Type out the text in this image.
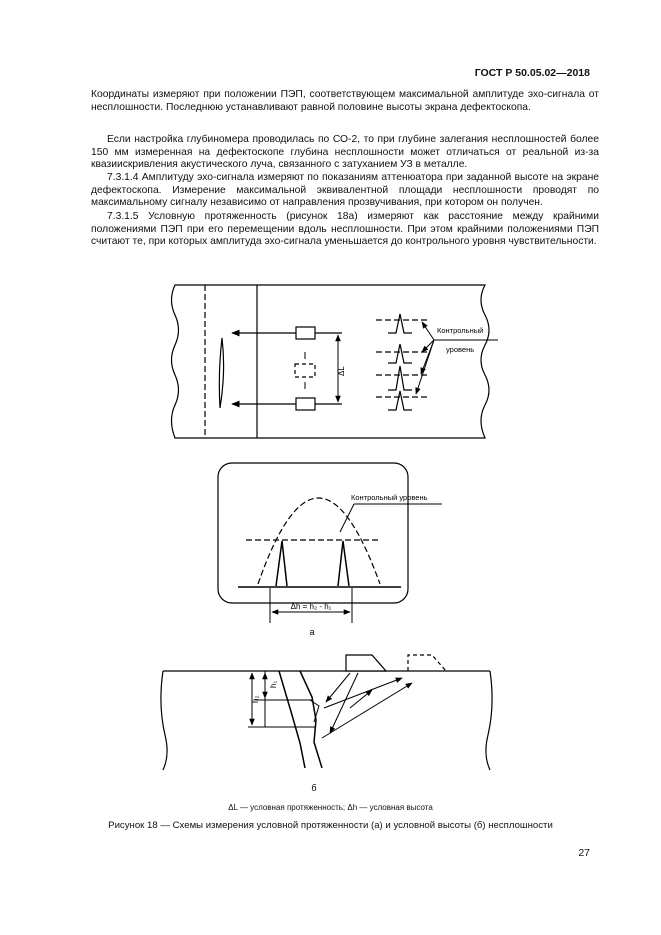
ГОСТ Р 50.05.02—2018

Координаты измеряют при положении ПЭП, соответствующем максимальной амплитуде эхо-сигнала от несплошности. Последнюю устанавливают равной половине высоты экрана дефектоскопа.

Если настройка глубиномера проводилась по СО-2, то при глубине залегания несплошностей более 150 мм измеренная на дефектоскопе глубина несплошности может отличаться от реальной из-за квазиискривления акустического луча, связанного с затуханием УЗ в металле.

7.3.1.4 Амплитуду эхо-сигнала измеряют по показаниям аттенюатора при заданной высоте на экране дефектоскопа. Измерение максимальной эквивалентной площади несплошности проводят по максимальному сигналу независимо от направления прозвучивания, при котором он получен.

7.3.1.5 Условную протяженность (рисунок 18а) измеряют как расстояние между крайними положениями ПЭП при его перемещении вдоль несплошности. При этом крайними положениями ПЭП считают те, при которых амплитуда эхо-сигнала уменьшается до контрольного уровня чувствительности.

Контрольный
уровень
ΔL
Контрольный уровень
Δh = h₂ - h₁
а
h₁
h₂
б
ΔL — условная протяженность; Δh — условная высота
Рисунок 18 — Схемы измерения условной протяженности (а) и условной высоты (б) несплошности
27
